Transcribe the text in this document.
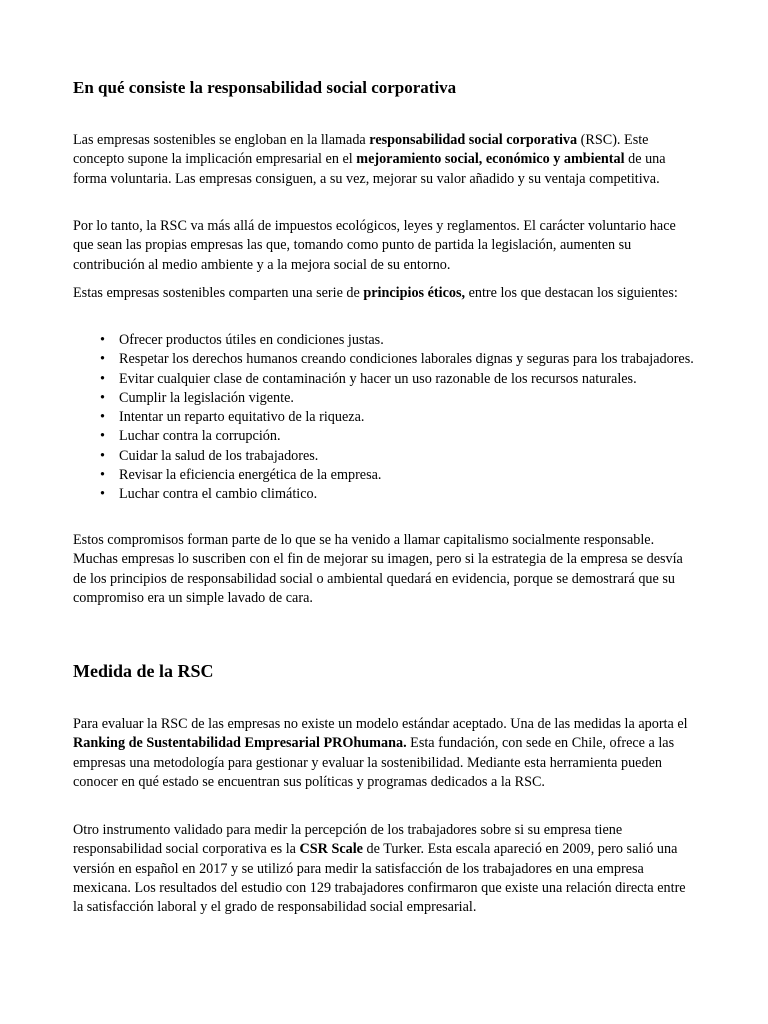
En qué consiste la responsabilidad social corporativa

Las empresas sostenibles se engloban en la llamada responsabilidad social corporativa (RSC). Este concepto supone la implicación empresarial en el mejoramiento social, económico y ambiental de una forma voluntaria. Las empresas consiguen, a su vez, mejorar su valor añadido y su ventaja competitiva.

Por lo tanto, la RSC va más allá de impuestos ecológicos, leyes y reglamentos. El carácter voluntario hace que sean las propias empresas las que, tomando como punto de partida la legislación, aumenten su contribución al medio ambiente y a la mejora social de su entorno.

Estas empresas sostenibles comparten una serie de principios éticos, entre los que destacan los siguientes:

• Ofrecer productos útiles en condiciones justas.
• Respetar los derechos humanos creando condiciones laborales dignas y seguras para los trabajadores.
• Evitar cualquier clase de contaminación y hacer un uso razonable de los recursos naturales.
• Cumplir la legislación vigente.
• Intentar un reparto equitativo de la riqueza.
• Luchar contra la corrupción.
• Cuidar la salud de los trabajadores.
• Revisar la eficiencia energética de la empresa.
• Luchar contra el cambio climático.

Estos compromisos forman parte de lo que se ha venido a llamar capitalismo socialmente responsable. Muchas empresas lo suscriben con el fin de mejorar su imagen, pero si la estrategia de la empresa se desvía de los principios de responsabilidad social o ambiental quedará en evidencia, porque se demostrará que su compromiso era un simple lavado de cara.

Medida de la RSC

Para evaluar la RSC de las empresas no existe un modelo estándar aceptado. Una de las medidas la aporta el Ranking de Sustentabilidad Empresarial PROhumana. Esta fundación, con sede en Chile, ofrece a las empresas una metodología para gestionar y evaluar la sostenibilidad. Mediante esta herramienta pueden conocer en qué estado se encuentran sus políticas y programas dedicados a la RSC.

Otro instrumento validado para medir la percepción de los trabajadores sobre si su empresa tiene responsabilidad social corporativa es la CSR Scale de Turker. Esta escala apareció en 2009, pero salió una versión en español en 2017 y se utilizó para medir la satisfacción de los trabajadores en una empresa mexicana. Los resultados del estudio con 129 trabajadores confirmaron que existe una relación directa entre la satisfacción laboral y el grado de responsabilidad social empresarial.
